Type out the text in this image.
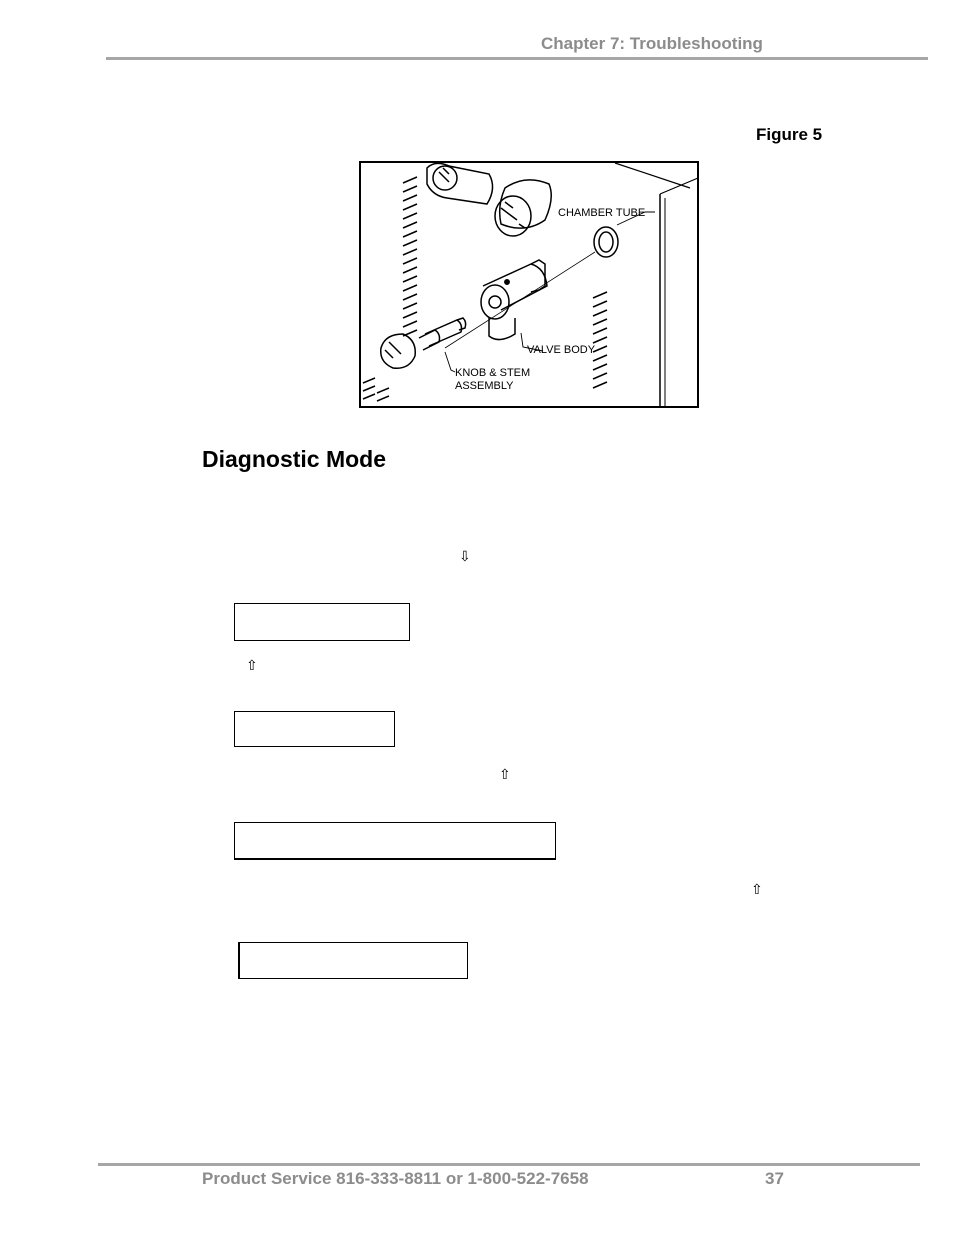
Chapter 7: Troubleshooting
Figure 5
CHAMBER TUBE
VALVE BODY
KNOB & STEM
ASSEMBLY
Diagnostic Mode
⇩
⇧
⇧
⇧
Product Service 816-333-8811 or 1-800-522-7658	37
